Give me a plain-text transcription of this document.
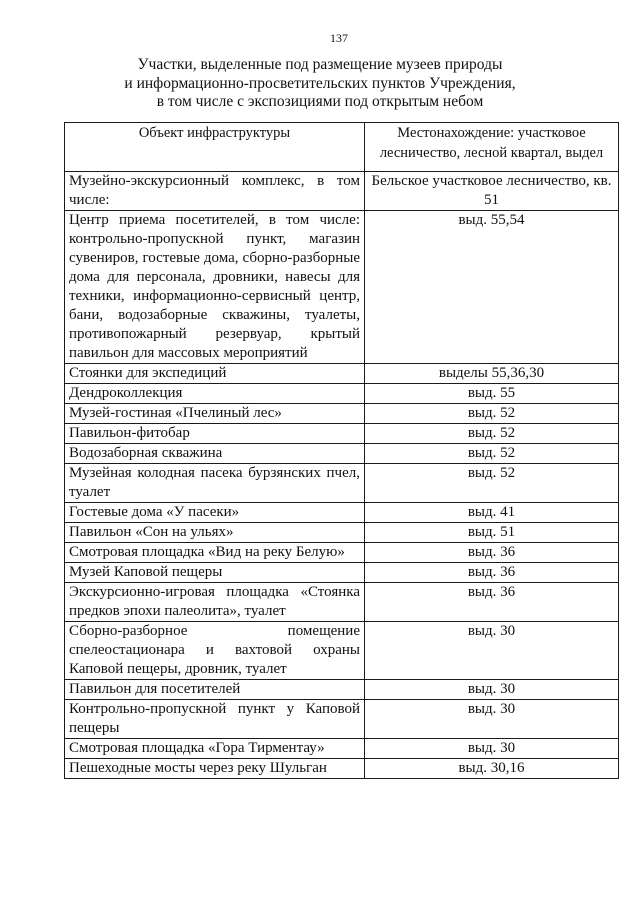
137
Участки, выделенные под размещение музеев природы
и информационно-просветительских пунктов Учреждения,
в том числе с экспозициями под открытым небом
Объект инфраструктуры	Местонахождение: участковое лесничество, лесной квартал, выдел
Музейно-экскурсионный комплекс, в том числе:	Бельское участковое лесничество, кв. 51
Центр приема посетителей, в том числе: контрольно-пропускной пункт, магазин сувениров, гостевые дома, сборно-разборные дома для персонала, дровники, навесы для техники, информационно-сервисный центр, бани, водозаборные скважины, туалеты, противопожарный резервуар, крытый павильон для массовых мероприятий	выд. 55,54
Стоянки для экспедиций	выделы 55,36,30
Дендроколлекция	выд. 55
Музей-гостиная «Пчелиный лес»	выд. 52
Павильон-фитобар	выд. 52
Водозаборная скважина	выд. 52
Музейная колодная пасека бурзянских пчел, туалет	выд. 52
Гостевые дома «У пасеки»	выд. 41
Павильон «Сон на ульях»	выд. 51
Смотровая площадка «Вид на реку Белую»	выд. 36
Музей Каповой пещеры	выд. 36
Экскурсионно-игровая площадка «Стоянка предков эпохи палеолита», туалет	выд. 36
Сборно-разборное помещение спелеостационара и вахтовой охраны Каповой пещеры, дровник, туалет	выд. 30
Павильон для посетителей	выд. 30
Контрольно-пропускной пункт у Каповой пещеры	выд. 30
Смотровая площадка «Гора Тирментау»	выд. 30
Пешеходные мосты через реку Шульган	выд. 30,16
